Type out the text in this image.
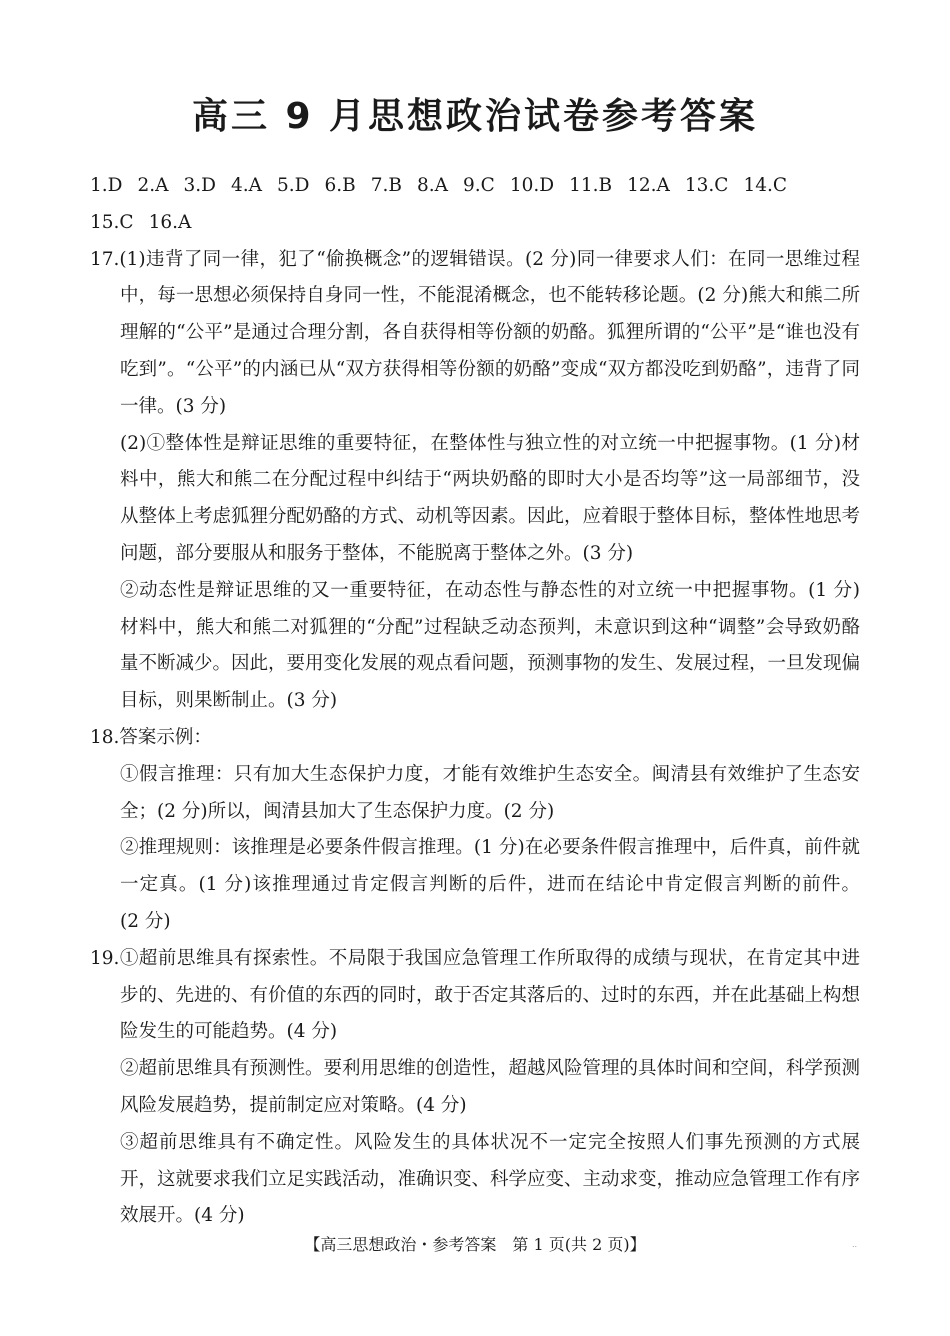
高三 9 月思想政治试卷参考答案
1.D 2.A 3.D 4.A 5.D 6.B 7.B 8.A 9.C 10.D 11.B 12.A 13.C 14.C
15.C 16.A
17.(1)违背了同一律，犯了“偷换概念”的逻辑错误。(2 分)同一律要求人们：在同一思维过程
中，每一思想必须保持自身同一性，不能混淆概念，也不能转移论题。(2 分)熊大和熊二所
理解的“公平”是通过合理分割，各自获得相等份额的奶酪。狐狸所谓的“公平”是“谁也没有
吃到”。“公平”的内涵已从“双方获得相等份额的奶酪”变成“双方都没吃到奶酪”，违背了同
一律。(3 分)
(2)①整体性是辩证思维的重要特征，在整体性与独立性的对立统一中把握事物。(1 分)材
料中，熊大和熊二在分配过程中纠结于“两块奶酪的即时大小是否均等”这一局部细节，没
从整体上考虑狐狸分配奶酪的方式、动机等因素。因此，应着眼于整体目标，整体性地思考
问题，部分要服从和服务于整体，不能脱离于整体之外。(3 分)
②动态性是辩证思维的又一重要特征，在动态性与静态性的对立统一中把握事物。(1 分)
材料中，熊大和熊二对狐狸的“分配”过程缺乏动态预判，未意识到这种“调整”会导致奶酪
量不断减少。因此，要用变化发展的观点看问题，预测事物的发生、发展过程，一旦发现偏
目标，则果断制止。(3 分)
18.答案示例：
①假言推理：只有加大生态保护力度，才能有效维护生态安全。闽清县有效维护了生态安
全；(2 分)所以，闽清县加大了生态保护力度。(2 分)
②推理规则：该推理是必要条件假言推理。(1 分)在必要条件假言推理中，后件真，前件就
一定真。(1 分)该推理通过肯定假言判断的后件，进而在结论中肯定假言判断的前件。
(2 分)
19.①超前思维具有探索性。不局限于我国应急管理工作所取得的成绩与现状，在肯定其中进
步的、先进的、有价值的东西的同时，敢于否定其落后的、过时的东西，并在此基础上构想
险发生的可能趋势。(4 分)
②超前思维具有预测性。要利用思维的创造性，超越风险管理的具体时间和空间，科学预测
风险发展趋势，提前制定应对策略。(4 分)
③超前思维具有不确定性。风险发生的具体状况不一定完全按照人们事先预测的方式展
开，这就要求我们立足实践活动，准确识变、科学应变、主动求变，推动应急管理工作有序
效展开。(4 分)
【高三思想政治・参考答案　第 1 页(共 2 页)】	..
